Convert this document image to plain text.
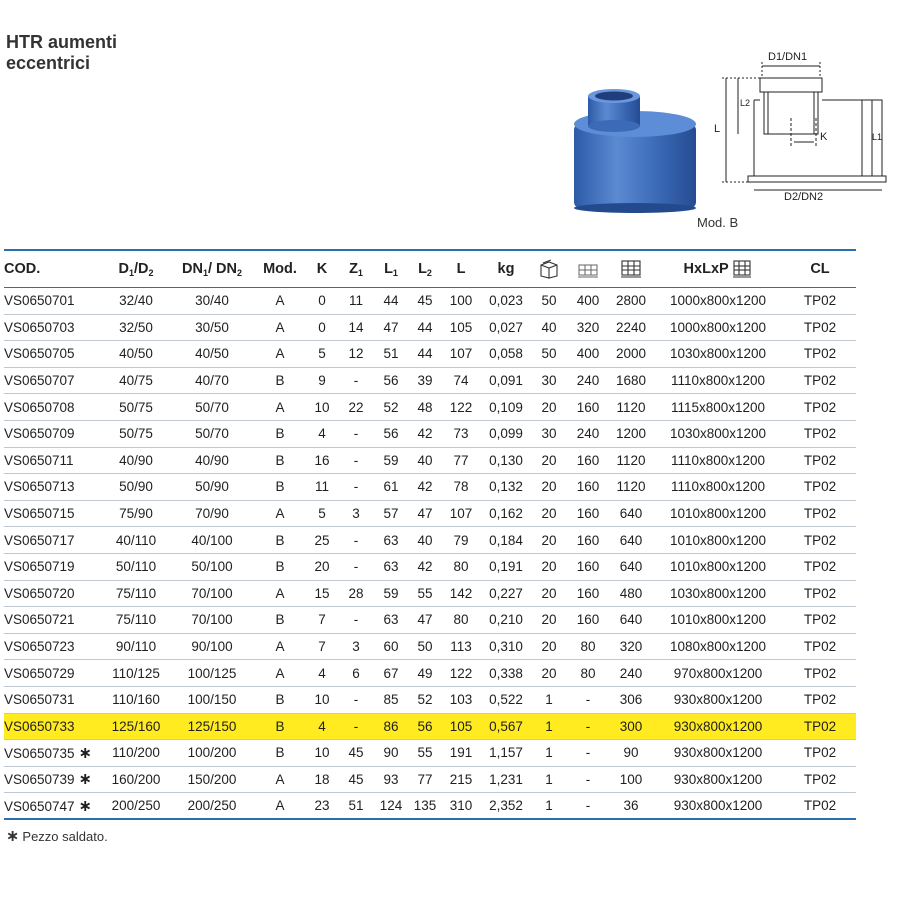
HTR aumenti
eccentrici	D1/DN1
D2/DN2
K
L
L2
L1
Mod. B
COD.	$D_1/D_2$	$DN_1/$ $DN_2$	Mod.	K	$Z_1$	$L_1$	$L_2$	L	kg				HxLxP	CL
VS0650701	32/40	30/40	A	0	11	44	45	100	0,023	50	400	2800	1000x800x1200	TP02
VS0650703	32/50	30/50	A	0	14	47	44	105	0,027	40	320	2240	1000x800x1200	TP02
VS0650705	40/50	40/50	A	5	12	51	44	107	0,058	50	400	2000	1030x800x1200	TP02
VS0650707	40/75	40/70	B	9	-	56	39	74	0,091	30	240	1680	1110x800x1200	TP02
VS0650708	50/75	50/70	A	10	22	52	48	122	0,109	20	160	1120	1115x800x1200	TP02
VS0650709	50/75	50/70	B	4	-	56	42	73	0,099	30	240	1200	1030x800x1200	TP02
VS0650711	40/90	40/90	B	16	-	59	40	77	0,130	20	160	1120	1110x800x1200	TP02
VS0650713	50/90	50/90	B	11	-	61	42	78	0,132	20	160	1120	1110x800x1200	TP02
VS0650715	75/90	70/90	A	5	3	57	47	107	0,162	20	160	640	1010x800x1200	TP02
VS0650717	40/110	40/100	B	25	-	63	40	79	0,184	20	160	640	1010x800x1200	TP02
VS0650719	50/110	50/100	B	20	-	63	42	80	0,191	20	160	640	1010x800x1200	TP02
VS0650720	75/110	70/100	A	15	28	59	55	142	0,227	20	160	480	1030x800x1200	TP02
VS0650721	75/110	70/100	B	7	-	63	47	80	0,210	20	160	640	1010x800x1200	TP02
VS0650723	90/110	90/100	A	7	3	60	50	113	0,310	20	80	320	1080x800x1200	TP02
VS0650729	110/125	100/125	A	4	6	67	49	122	0,338	20	80	240	970x800x1200	TP02
VS0650731	110/160	100/150	B	10	-	85	52	103	0,522	1	-	306	930x800x1200	TP02
VS0650733	125/160	125/150	B	4	-	86	56	105	0,567	1	-	300	930x800x1200	TP02
VS0650735 ∗	110/200	100/200	B	10	45	90	55	191	1,157	1	-	90	930x800x1200	TP02
VS0650739 ∗	160/200	150/200	A	18	45	93	77	215	1,231	1	-	100	930x800x1200	TP02
VS0650747 ∗	200/250	200/250	A	23	51	124	135	310	2,352	1	-	36	930x800x1200	TP02
∗ Pezzo saldato.
